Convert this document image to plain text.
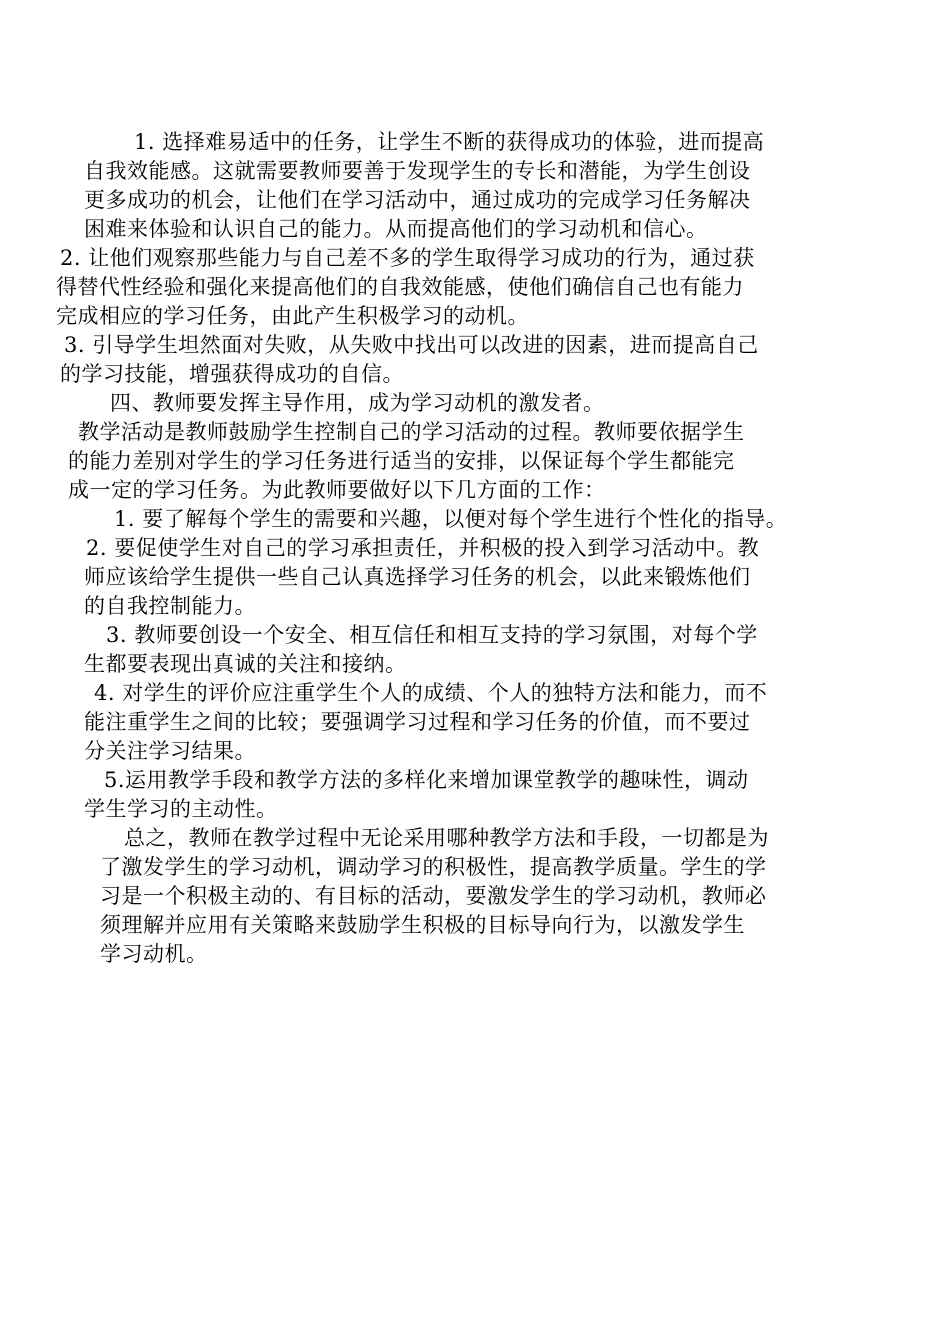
1. 选择难易适中的任务，让学生不断的获得成功的体验，进而提高
自我效能感。这就需要教师要善于发现学生的专长和潜能，为学生创设
更多成功的机会，让他们在学习活动中，通过成功的完成学习任务解决
困难来体验和认识自己的能力。从而提高他们的学习动机和信心。
2. 让他们观察那些能力与自己差不多的学生取得学习成功的行为，通过获
得替代性经验和强化来提高他们的自我效能感，使他们确信自己也有能力
完成相应的学习任务，由此产生积极学习的动机。
3. 引导学生坦然面对失败，从失败中找出可以改进的因素，进而提高自己
的学习技能，增强获得成功的自信。
四、教师要发挥主导作用，成为学习动机的激发者。
教学活动是教师鼓励学生控制自己的学习活动的过程。教师要依据学生
的能力差别对学生的学习任务进行适当的安排，以保证每个学生都能完
成一定的学习任务。为此教师要做好以下几方面的工作：
1. 要了解每个学生的需要和兴趣，以便对每个学生进行个性化的指导。
2. 要促使学生对自己的学习承担责任，并积极的投入到学习活动中。教
师应该给学生提供一些自己认真选择学习任务的机会，以此来锻炼他们
的自我控制能力。
3. 教师要创设一个安全、相互信任和相互支持的学习氛围，对每个学
生都要表现出真诚的关注和接纳。
4. 对学生的评价应注重学生个人的成绩、个人的独特方法和能力，而不
能注重学生之间的比较；要强调学习过程和学习任务的价值，而不要过
分关注学习结果。
5.运用教学手段和教学方法的多样化来增加课堂教学的趣味性，调动
学生学习的主动性。
总之，教师在教学过程中无论采用哪种教学方法和手段，一切都是为
了激发学生的学习动机，调动学习的积极性，提高教学质量。学生的学
习是一个积极主动的、有目标的活动，要激发学生的学习动机，教师必
须理解并应用有关策略来鼓励学生积极的目标导向行为，以激发学生
学习动机。
